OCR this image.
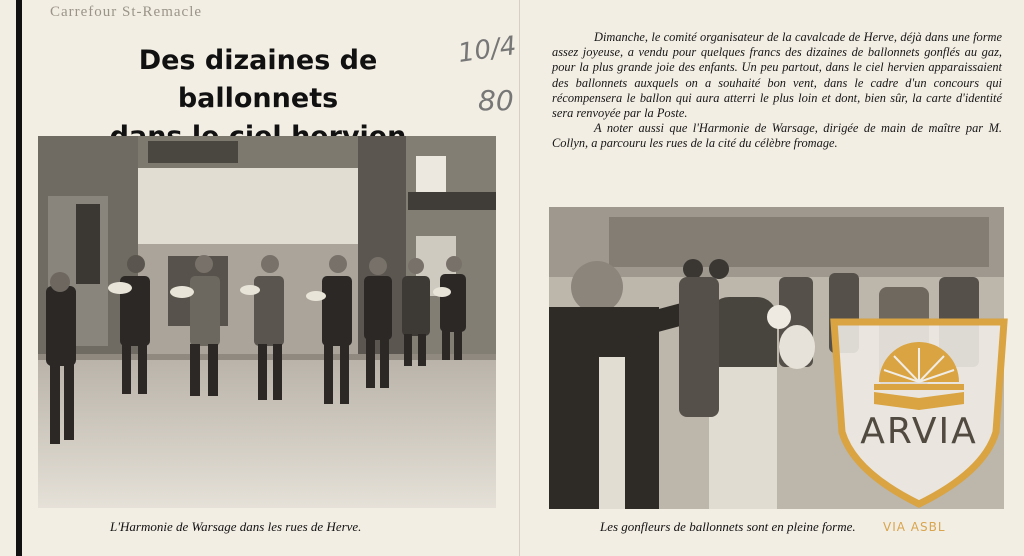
Carrefour St-Remacle
Des dizaines de ballonnets
10/4
80
L'Harmonie de Warsage dans les rues de Herve.

Dimanche, le comité organisateur de la cavalcade de Herve, déjà dans une forme assez joyeuse, a vendu pour quelques francs des dizaines de ballonnets gonflés au gaz, pour la plus grande joie des enfants. Un peu partout, dans le ciel hervien apparaissaient des ballonnets auxquels on a souhaité bon vent, dans le cadre d'un concours qui récompensera le ballon qui aura atterri le plus loin et dont, bien sûr, la carte d'identité sera renvoyée par la Poste.

A noter aussi que l'Harmonie de Warsage, dirigée de main de maître par M. Collyn, a parcouru les rues de la cité du célèbre fromage.

Les gonfleurs de ballonnets sont en pleine forme.
ARVIA
VIA ASBL
